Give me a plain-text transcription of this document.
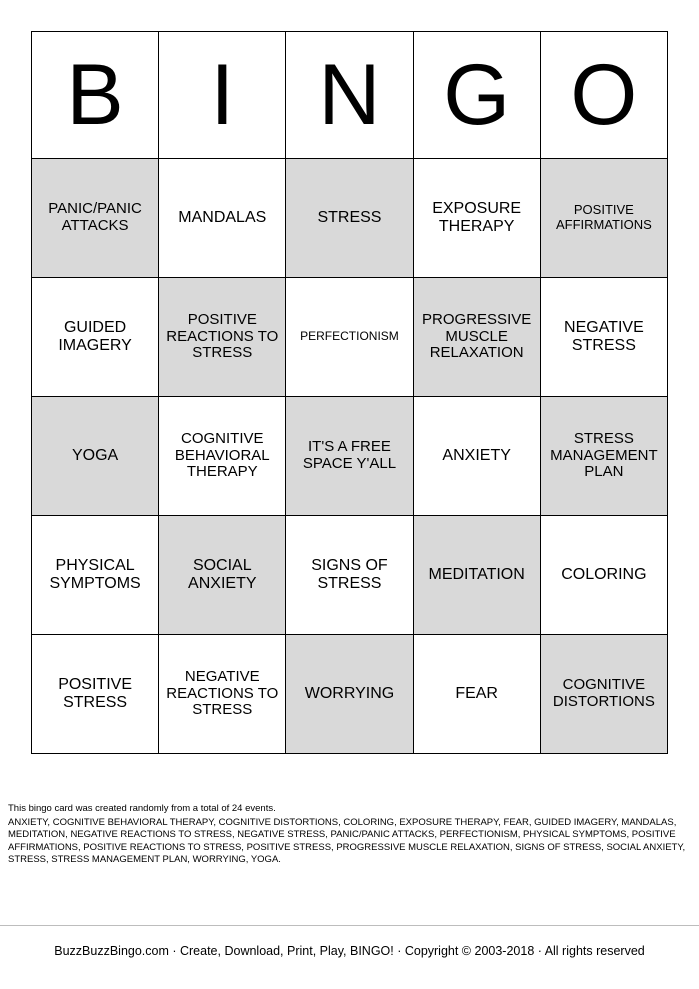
B	I	N	G	O

PANIC/PANIC ATTACKS	MANDALAS	STRESS	EXPOSURE THERAPY	POSITIVE AFFIRMATIONS

GUIDED IMAGERY	POSITIVE REACTIONS TO STRESS	PERFECTIONISM	PROGRESSIVE MUSCLE RELAXATION	NEGATIVE STRESS

YOGA	COGNITIVE BEHAVIORAL THERAPY	IT'S A FREE SPACE Y'ALL	ANXIETY	STRESS MANAGEMENT PLAN

PHYSICAL SYMPTOMS	SOCIAL ANXIETY	SIGNS OF STRESS	MEDITATION	COLORING

POSITIVE STRESS	NEGATIVE REACTIONS TO STRESS	WORRYING	FEAR	COGNITIVE DISTORTIONS
This bingo card was created randomly from a total of 24 events.
ANXIETY, COGNITIVE BEHAVIORAL THERAPY, COGNITIVE DISTORTIONS, COLORING, EXPOSURE THERAPY, FEAR, GUIDED IMAGERY, MANDALAS, MEDITATION, NEGATIVE REACTIONS TO STRESS, NEGATIVE STRESS, PANIC/PANIC ATTACKS, PERFECTIONISM, PHYSICAL SYMPTOMS, POSITIVE AFFIRMATIONS, POSITIVE REACTIONS TO STRESS, POSITIVE STRESS, PROGRESSIVE MUSCLE RELAXATION, SIGNS OF STRESS, SOCIAL ANXIETY, STRESS, STRESS MANAGEMENT PLAN, WORRYING, YOGA.
BuzzBuzzBingo.com · Create, Download, Print, Play, BINGO! · Copyright © 2003-2018 · All rights reserved
